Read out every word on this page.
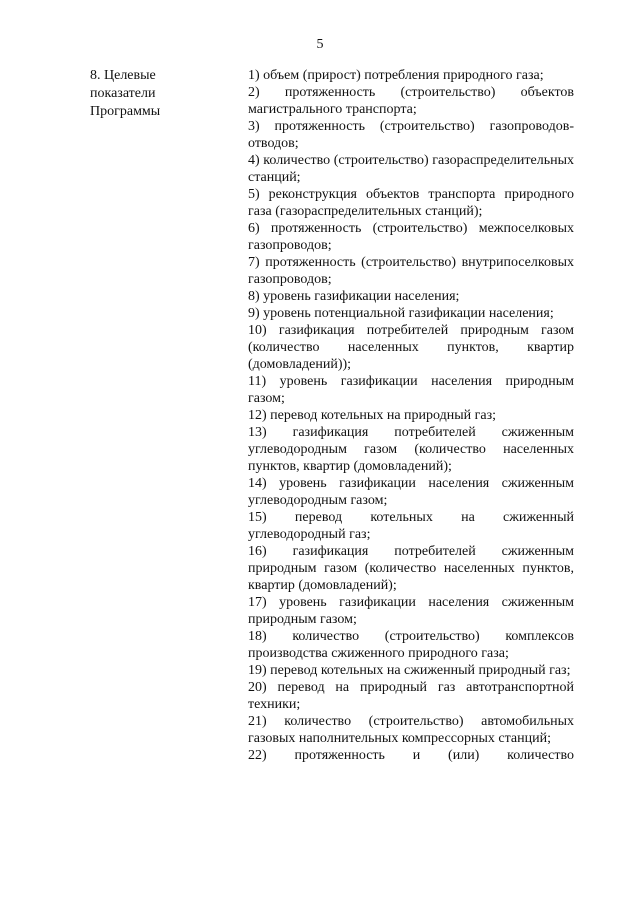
5
8. Целевые
показатели
Программы

1) объем (прирост) потребления природного газа;

2) протяженность (строительство) объектов магистрального транспорта;

3) протяженность (строительство) газопроводов-отводов;

4) количество (строительство) газораспределительных станций;

5) реконструкция объектов транспорта природного газа (газораспределительных станций);

6) протяженность (строительство) межпоселковых газопроводов;

7) протяженность (строительство) внутрипоселковых газопроводов;

8) уровень газификации населения;

9) уровень потенциальной газификации населения;

10) газификация потребителей природным газом (количество населенных пунктов, квартир (домовладений));

11) уровень газификации населения природным газом;

12) перевод котельных на природный газ;

13) газификация потребителей сжиженным углеводородным газом (количество населенных пунктов, квартир (домовладений);

14) уровень газификации населения сжиженным углеводородным газом;

15) перевод котельных на сжиженный углеводородный газ;

16) газификация потребителей сжиженным природным газом (количество населенных пунктов, квартир (домовладений);

17) уровень газификации населения сжиженным природным газом;

18) количество (строительство) комплексов производства сжиженного природного газа;

19) перевод котельных на сжиженный природный газ;

20) перевод на природный газ автотранспортной техники;

21) количество (строительство) автомобильных газовых наполнительных компрессорных станций;

22) протяженность и (или) количество
